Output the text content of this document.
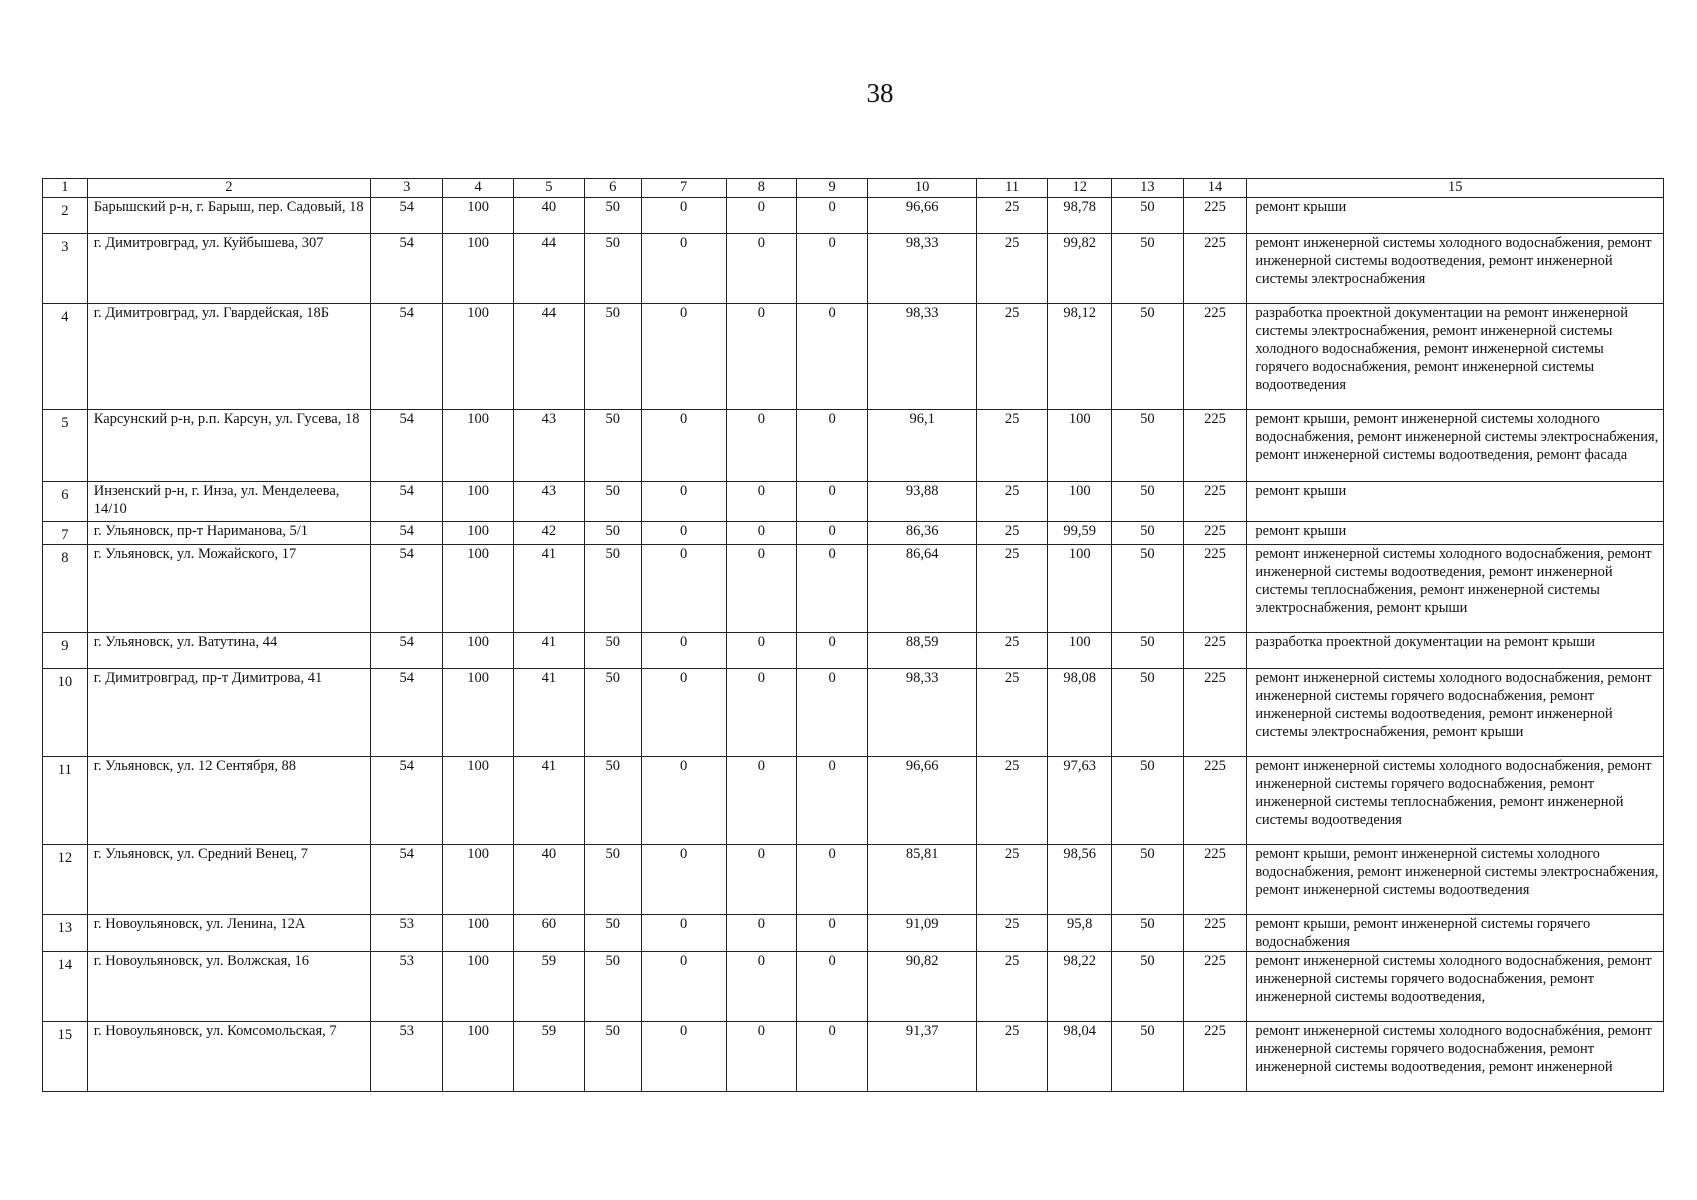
38
1	2	3	4	5	6	7	8	9	10	11	12	13	14	15
2	Барышский р-н, г. Барыш, пер. Садовый, 18	54	100	40	50	0	0	0	96,66	25	98,78	50	225	ремонт крыши
3	г. Димитровград, ул. Куйбышева, 307	54	100	44	50	0	0	0	98,33	25	99,82	50	225	ремонт инженерной системы холодного водоснабжения, ремонт инженерной системы водоотведения, ремонт инженерной системы электроснабжения
4	г. Димитровград, ул. Гвардейская, 18Б	54	100	44	50	0	0	0	98,33	25	98,12	50	225	разработка проектной документации на ремонт инженерной системы электроснабжения, ремонт инженерной системы холодного водоснабжения, ремонт инженерной системы горячего водоснабжения, ремонт инженерной системы водоотведения
5	Карсунский р-н, р.п. Карсун, ул. Гусева, 18	54	100	43	50	0	0	0	96,1	25	100	50	225	ремонт крыши, ремонт инженерной системы холодного водоснабжения, ремонт инженерной системы электроснабжения, ремонт инженерной системы водоотведения, ремонт фасада
6	Инзенский р-н, г. Инза, ул. Менделеева, 14/10	54	100	43	50	0	0	0	93,88	25	100	50	225	ремонт крыши
7	г. Ульяновск, пр-т Нариманова, 5/1	54	100	42	50	0	0	0	86,36	25	99,59	50	225	ремонт крыши
8	г. Ульяновск, ул. Можайского, 17	54	100	41	50	0	0	0	86,64	25	100	50	225	ремонт инженерной системы холодного водоснабжения, ремонт инженерной системы водоотведения, ремонт инженерной системы теплоснабжения, ремонт инженерной системы электроснабжения, ремонт крыши
9	г. Ульяновск, ул. Ватутина, 44	54	100	41	50	0	0	0	88,59	25	100	50	225	разработка проектной документации на ремонт крыши
10	г. Димитровград, пр-т Димитрова, 41	54	100	41	50	0	0	0	98,33	25	98,08	50	225	ремонт инженерной системы холодного водоснабжения, ремонт инженерной системы горячего водоснабжения, ремонт инженерной системы водоотведения, ремонт инженерной системы электроснабжения, ремонт крыши
11	г. Ульяновск, ул. 12 Сентября, 88	54	100	41	50	0	0	0	96,66	25	97,63	50	225	ремонт инженерной системы холодного водоснабжения, ремонт инженерной системы горячего водоснабжения, ремонт инженерной системы теплоснабжения, ремонт инженерной системы водоотведения
12	г. Ульяновск, ул. Средний Венец, 7	54	100	40	50	0	0	0	85,81	25	98,56	50	225	ремонт крыши, ремонт инженерной системы холодного водоснабжения, ремонт инженерной системы электроснабжения, ремонт инженерной системы водоотведения
13	г. Новоульяновск, ул. Ленина, 12А	53	100	60	50	0	0	0	91,09	25	95,8	50	225	ремонт крыши, ремонт инженерной системы горячего водоснабжения
14	г. Новоульяновск, ул. Волжская, 16	53	100	59	50	0	0	0	90,82	25	98,22	50	225	ремонт инженерной системы холодного водоснабжения, ремонт инженерной системы горячего водоснабжения, ремонт инженерной системы водоотведения,
15	г. Новоульяновск, ул. Комсомольская, 7	53	100	59	50	0	0	0	91,37	25	98,04	50	225	ремонт инженерной системы холодного водоснабжéния, ремонт инженерной системы горячего водоснабжения, ремонт инженерной системы водоотведения, ремонт инженерной
